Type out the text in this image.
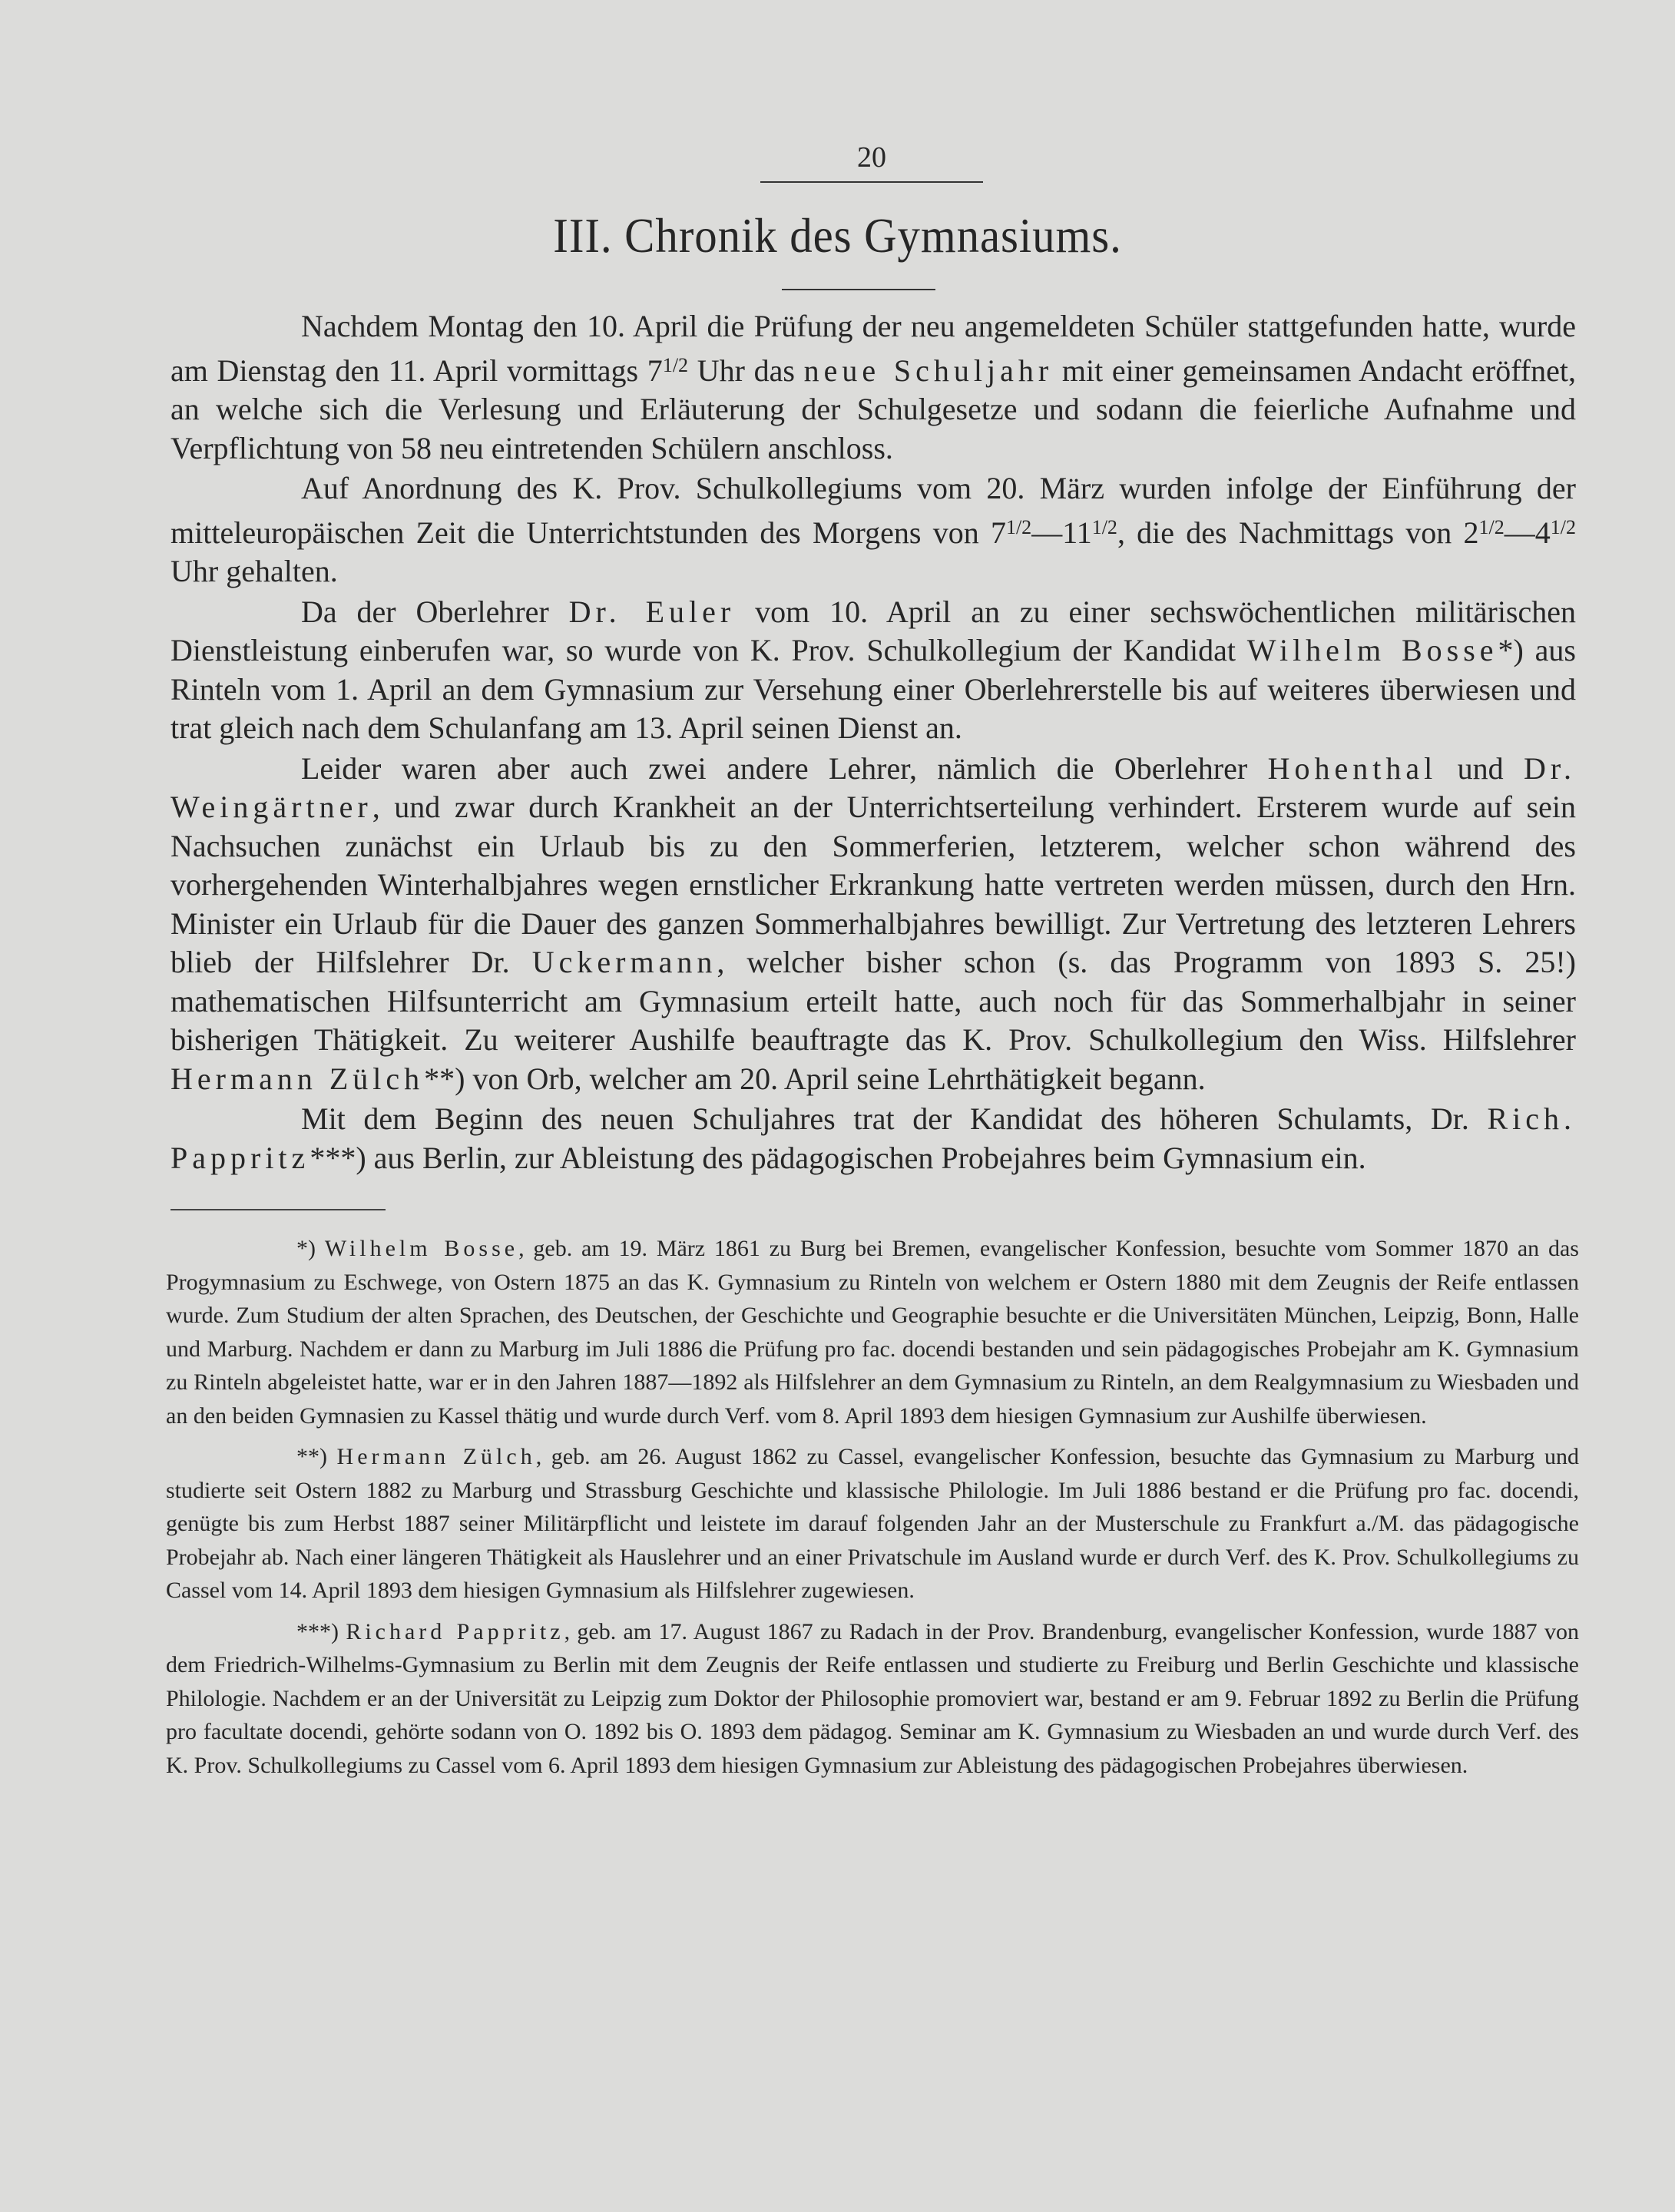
20
III. Chronik des Gymnasiums.

Nachdem Montag den 10. April die Prüfung der neu angemeldeten Schüler stattgefunden hatte, wurde am Dienstag den 11. April vormittags $7^{1/2}$ Uhr das neue Schuljahr mit einer gemeinsamen Andacht eröffnet, an welche sich die Verlesung und Erläuterung der Schulgesetze und sodann die feierliche Aufnahme und Verpflichtung von 58 neu eintretenden Schülern anschloss.

Auf Anordnung des K. Prov. Schulkollegiums vom 20. März wurden infolge der Einführung der mitteleuropäischen Zeit die Unterrichtstunden des Morgens von $7^{1/2}—11^{1/2}$, die des Nachmittags von $2^{1/2}—4^{1/2}$ Uhr gehalten.

Da der Oberlehrer Dr. Euler vom 10. April an zu einer sechswöchentlichen militärischen Dienstleistung einberufen war, so wurde von K. Prov. Schulkollegium der Kandidat Wilhelm Bosse*) aus Rinteln vom 1. April an dem Gymnasium zur Versehung einer Oberlehrerstelle bis auf weiteres überwiesen und trat gleich nach dem Schulanfang am 13. April seinen Dienst an.

Leider waren aber auch zwei andere Lehrer, nämlich die Oberlehrer Hohenthal und Dr. Weingärtner, und zwar durch Krankheit an der Unterrichtserteilung verhindert. Ersterem wurde auf sein Nachsuchen zunächst ein Urlaub bis zu den Sommerferien, letzterem, welcher schon während des vorhergehenden Winterhalbjahres wegen ernstlicher Erkrankung hatte vertreten werden müssen, durch den Hrn. Minister ein Urlaub für die Dauer des ganzen Sommerhalbjahres bewilligt. Zur Vertretung des letzteren Lehrers blieb der Hilfslehrer Dr. Uckermann, welcher bisher schon (s. das Programm von 1893 S. 25!) mathematischen Hilfsunterricht am Gymnasium erteilt hatte, auch noch für das Sommerhalbjahr in seiner bisherigen Thätigkeit. Zu weiterer Aushilfe beauftragte das K. Prov. Schulkollegium den Wiss. Hilfslehrer Hermann Zülch**) von Orb, welcher am 20. April seine Lehrthätigkeit begann.

Mit dem Beginn des neuen Schuljahres trat der Kandidat des höheren Schulamts, Dr. Rich. Pappritz***) aus Berlin, zur Ableistung des pädagogischen Probejahres beim Gymnasium ein.

*) Wilhelm Bosse, geb. am 19. März 1861 zu Burg bei Bremen, evangelischer Konfession, besuchte vom Sommer 1870 an das Progymnasium zu Eschwege, von Ostern 1875 an das K. Gymnasium zu Rinteln von welchem er Ostern 1880 mit dem Zeugnis der Reife entlassen wurde. Zum Studium der alten Sprachen, des Deutschen, der Geschichte und Geographie besuchte er die Universitäten München, Leipzig, Bonn, Halle und Marburg. Nachdem er dann zu Marburg im Juli 1886 die Prüfung pro fac. docendi bestanden und sein pädagogisches Probejahr am K. Gymnasium zu Rinteln abgeleistet hatte, war er in den Jahren 1887—1892 als Hilfslehrer an dem Gymnasium zu Rinteln, an dem Realgymnasium zu Wiesbaden und an den beiden Gymnasien zu Kassel thätig und wurde durch Verf. vom 8. April 1893 dem hiesigen Gymnasium zur Aushilfe überwiesen.

**) Hermann Zülch, geb. am 26. August 1862 zu Cassel, evangelischer Konfession, besuchte das Gymnasium zu Marburg und studierte seit Ostern 1882 zu Marburg und Strassburg Geschichte und klassische Philologie. Im Juli 1886 bestand er die Prüfung pro fac. docendi, genügte bis zum Herbst 1887 seiner Militärpflicht und leistete im darauf folgenden Jahr an der Musterschule zu Frankfurt a./M. das pädagogische Probejahr ab. Nach einer längeren Thätigkeit als Hauslehrer und an einer Privatschule im Ausland wurde er durch Verf. des K. Prov. Schulkollegiums zu Cassel vom 14. April 1893 dem hiesigen Gymnasium als Hilfslehrer zugewiesen.

***) Richard Pappritz, geb. am 17. August 1867 zu Radach in der Prov. Brandenburg, evangelischer Konfession, wurde 1887 von dem Friedrich-Wilhelms-Gymnasium zu Berlin mit dem Zeugnis der Reife entlassen und studierte zu Freiburg und Berlin Geschichte und klassische Philologie. Nachdem er an der Universität zu Leipzig zum Doktor der Philosophie promoviert war, bestand er am 9. Februar 1892 zu Berlin die Prüfung pro facultate docendi, gehörte sodann von O. 1892 bis O. 1893 dem pädagog. Seminar am K. Gymnasium zu Wiesbaden an und wurde durch Verf. des K. Prov. Schulkollegiums zu Cassel vom 6. April 1893 dem hiesigen Gymnasium zur Ableistung des pädagogischen Probejahres überwiesen.
